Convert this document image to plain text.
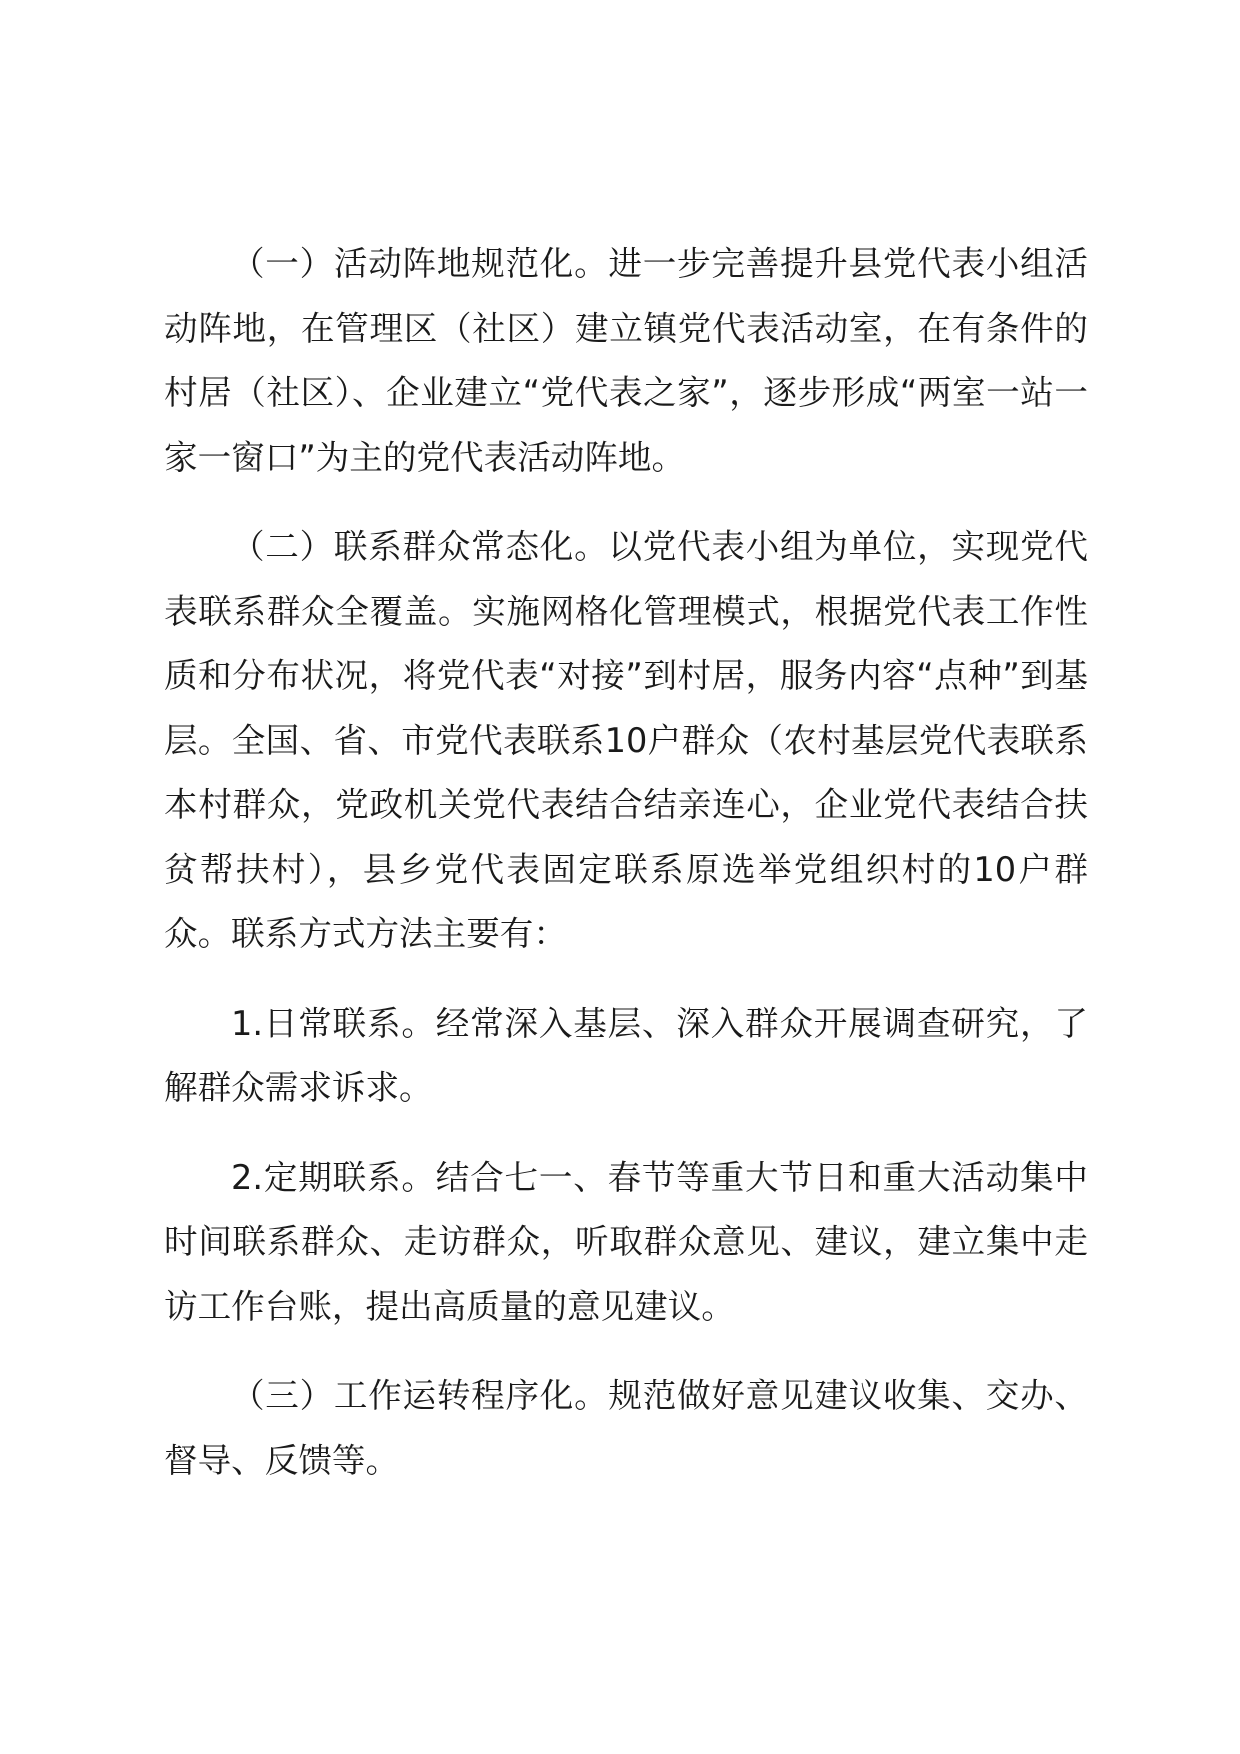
（一）活动阵地规范化。进一步完善提升县党代表小组活动阵地，在管理区（社区）建立镇党代表活动室，在有条件的村居（社区）、企业建立“党代表之家”，逐步形成“两室一站一家一窗口”为主的党代表活动阵地。

（二）联系群众常态化。以党代表小组为单位，实现党代表联系群众全覆盖。实施网格化管理模式，根据党代表工作性质和分布状况，将党代表“对接”到村居，服务内容“点种”到基层。全国、省、市党代表联系10户群众（农村基层党代表联系本村群众，党政机关党代表结合结亲连心，企业党代表结合扶贫帮扶村），县乡党代表固定联系原选举党组织村的10户群众。联系方式方法主要有：

1.日常联系。经常深入基层、深入群众开展调查研究，了解群众需求诉求。

2.定期联系。结合七一、春节等重大节日和重大活动集中时间联系群众、走访群众，听取群众意见、建议，建立集中走访工作台账，提出高质量的意见建议。

（三）工作运转程序化。规范做好意见建议收集、交办、督导、反馈等。
